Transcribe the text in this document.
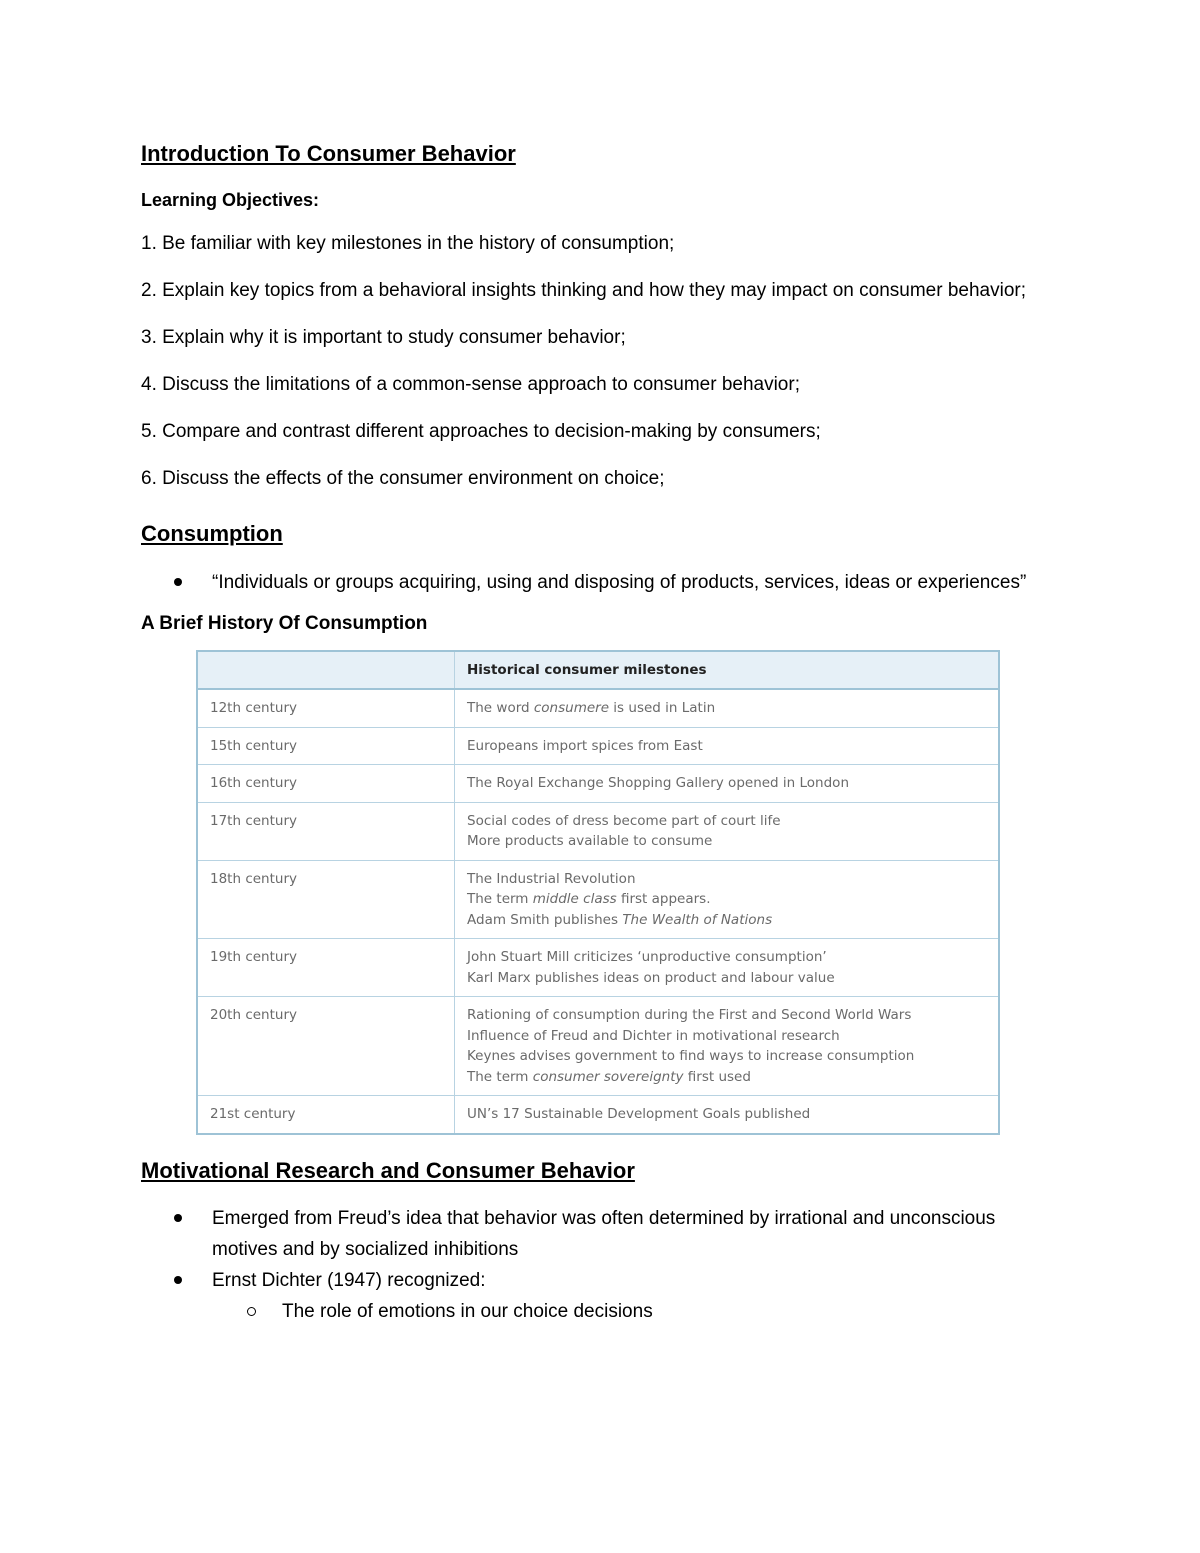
Introduction To Consumer Behavior
Learning Objectives:

1. Be familiar with key milestones in the history of consumption;

2. Explain key topics from a behavioral insights thinking and how they may impact on consumer behavior;

3. Explain why it is important to study consumer behavior;

4. Discuss the limitations of a common-sense approach to consumer behavior;

5. Compare and contrast different approaches to decision-making by consumers;

6. Discuss the effects of the consumer environment on choice;

Consumption
“Individuals or groups acquiring, using and disposing of products, services, ideas or experiences”
A Brief History Of Consumption
	Historical consumer milestones
12th century	The word consumere is used in Latin

15th century	Europeans import spices from East

16th century	The Royal Exchange Shopping Gallery opened in London

17th century	Social codes of dress become part of court life
More products available to consume

18th century	The Industrial Revolution
The term middle class first appears.
Adam Smith publishes The Wealth of Nations

19th century	John Stuart Mill criticizes ‘unproductive consumption’
Karl Marx publishes ideas on product and labour value

20th century	Rationing of consumption during the First and Second World Wars
Influence of Freud and Dichter in motivational research
Keynes advises government to find ways to increase consumption
The term consumer sovereignty first used

21st century	UN’s 17 Sustainable Development Goals published
Motivational Research and Consumer Behavior
Emerged from Freud’s idea that behavior was often determined by irrational and unconscious motives and by socialized inhibitions
Ernst Dichter (1947) recognized:
The role of emotions in our choice decisions
